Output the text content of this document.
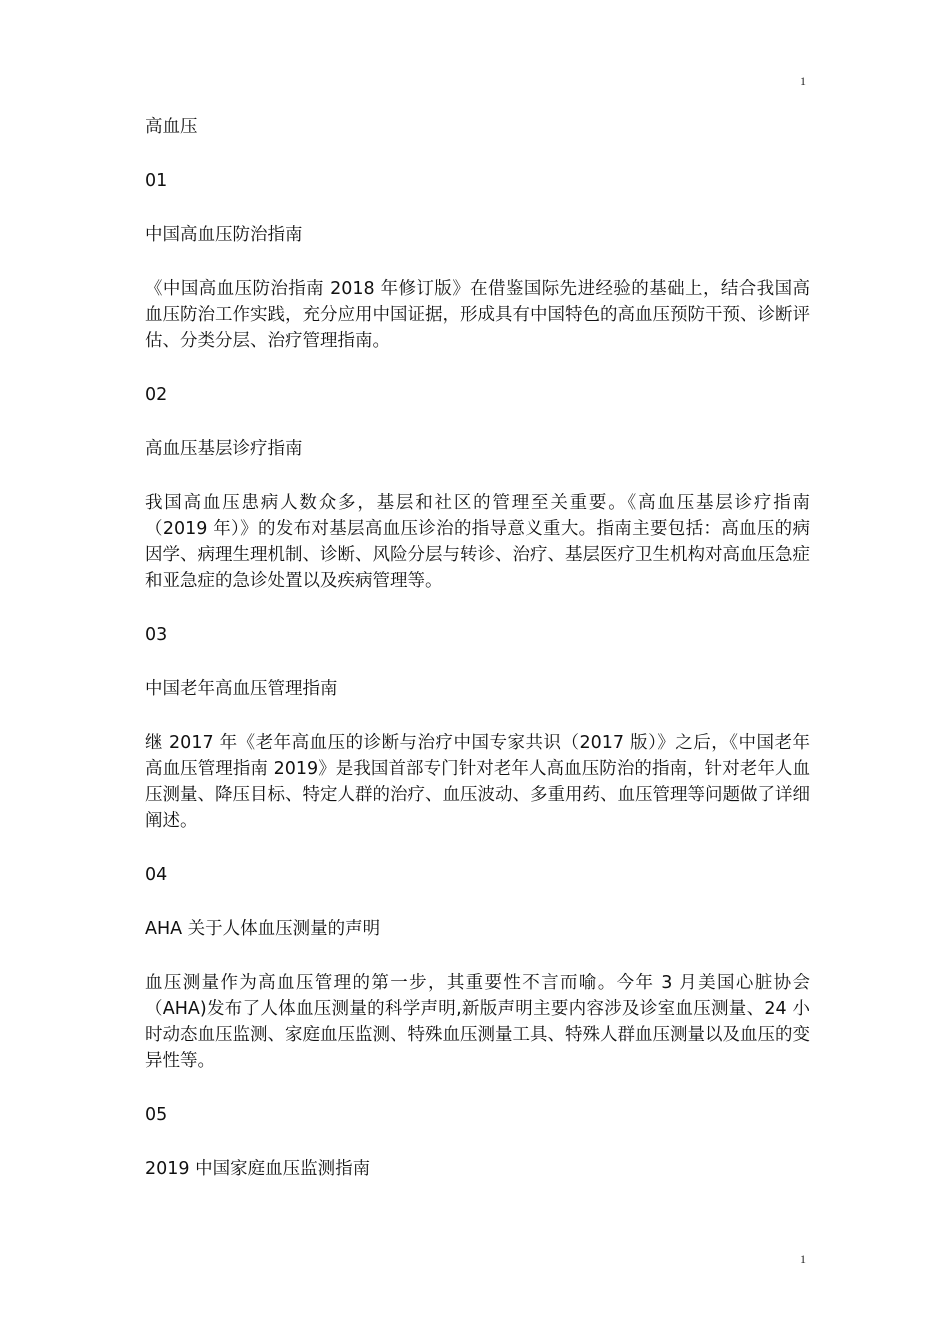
1

高血压

01

中国高血压防治指南

《中国高血压防治指南 2018 年修订版》在借鉴国际先进经验的基础上，结合我国高血压防治工作实践，充分应用中国证据，形成具有中国特色的高血压预防干预、诊断评估、分类分层、治疗管理指南。

02

高血压基层诊疗指南

我国高血压患病人数众多，基层和社区的管理至关重要。《高血压基层诊疗指南（2019 年）》的发布对基层高血压诊治的指导意义重大。指南主要包括：高血压的病因学、病理生理机制、诊断、风险分层与转诊、治疗、基层医疗卫生机构对高血压急症和亚急症的急诊处置以及疾病管理等。

03

中国老年高血压管理指南

继 2017 年《老年高血压的诊断与治疗中国专家共识（2017 版）》之后，《中国老年高血压管理指南 2019》是我国首部专门针对老年人高血压防治的指南，针对老年人血压测量、降压目标、特定人群的治疗、血压波动、多重用药、血压管理等问题做了详细阐述。

04

AHA 关于人体血压测量的声明

血压测量作为高血压管理的第一步，其重要性不言而喻。今年 3 月美国心脏协会（AHA)发布了人体血压测量的科学声明,新版声明主要内容涉及诊室血压测量、24 小时动态血压监测、家庭血压监测、特殊血压测量工具、特殊人群血压测量以及血压的变异性等。

05

2019 中国家庭血压监测指南

1
